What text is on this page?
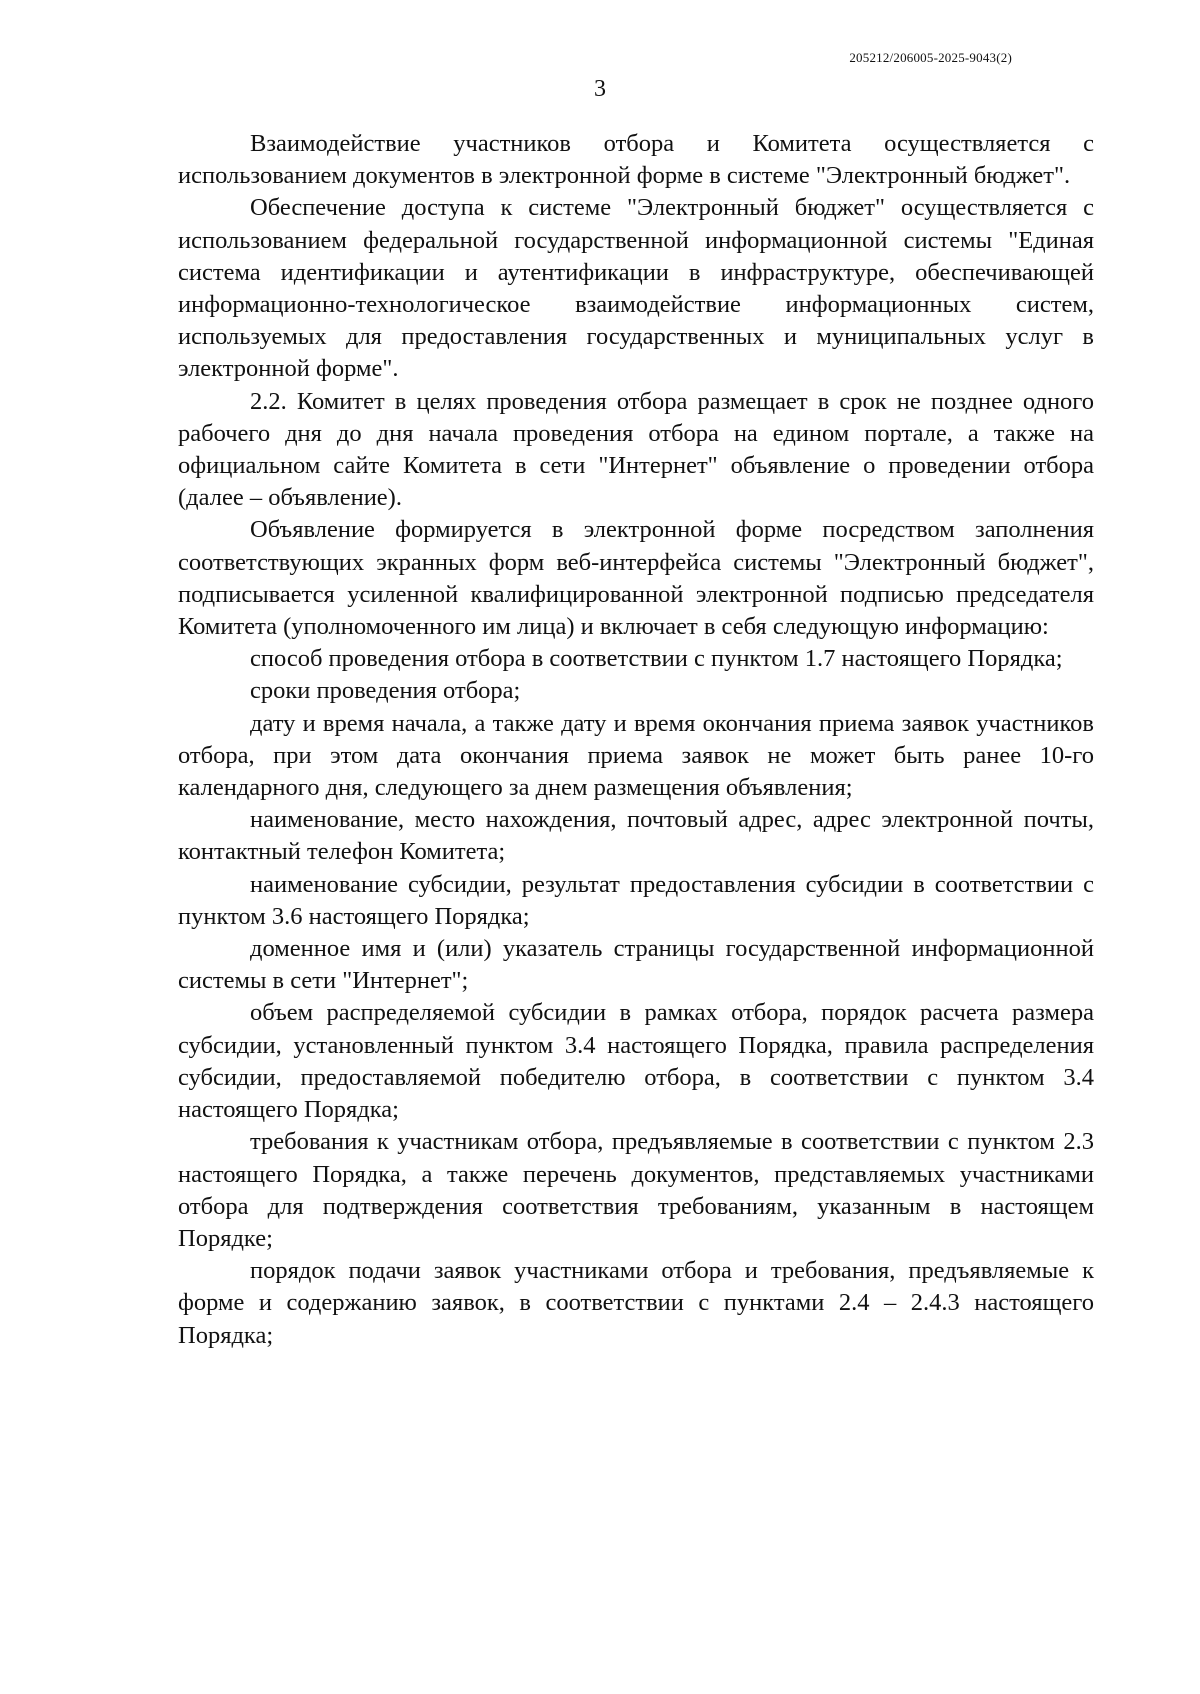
205212/206005-2025-9043(2)
3

Взаимодействие участников отбора и Комитета осуществляется с использованием документов в электронной форме в системе "Электронный бюджет".

Обеспечение доступа к системе "Электронный бюджет" осуществляется с использованием федеральной государственной информационной системы "Единая система идентификации и аутентификации в инфраструктуре, обеспечивающей информационно-технологическое взаимодействие информационных систем, используемых для предоставления государственных и муниципальных услуг в электронной форме".

2.2. Комитет в целях проведения отбора размещает в срок не позднее одного рабочего дня до дня начала проведения отбора на едином портале, а также на официальном сайте Комитета в сети "Интернет" объявление о проведении отбора (далее – объявление).

Объявление формируется в электронной форме посредством заполнения соответствующих экранных форм веб-интерфейса системы "Электронный бюджет", подписывается усиленной квалифицированной электронной подписью председателя Комитета (уполномоченного им лица) и включает в себя следующую информацию:

способ проведения отбора в соответствии с пунктом 1.7 настоящего Порядка;

сроки проведения отбора;

дату и время начала, а также дату и время окончания приема заявок участников отбора, при этом дата окончания приема заявок не может быть ранее 10-го календарного дня, следующего за днем размещения объявления;

наименование, место нахождения, почтовый адрес, адрес электронной почты, контактный телефон Комитета;

наименование субсидии, результат предоставления субсидии в соответствии с пунктом 3.6 настоящего Порядка;

доменное имя и (или) указатель страницы государственной информационной системы в сети "Интернет";

объем распределяемой субсидии в рамках отбора, порядок расчета размера субсидии, установленный пунктом 3.4 настоящего Порядка, правила распределения субсидии, предоставляемой победителю отбора, в соответствии с пунктом 3.4 настоящего Порядка;

требования к участникам отбора, предъявляемые в соответствии с пунктом 2.3 настоящего Порядка, а также перечень документов, представляемых участниками отбора для подтверждения соответствия требованиям, указанным в настоящем Порядке;

порядок подачи заявок участниками отбора и требования, предъявляемые к форме и содержанию заявок, в соответствии с пунктами 2.4 – 2.4.3 настоящего Порядка;
